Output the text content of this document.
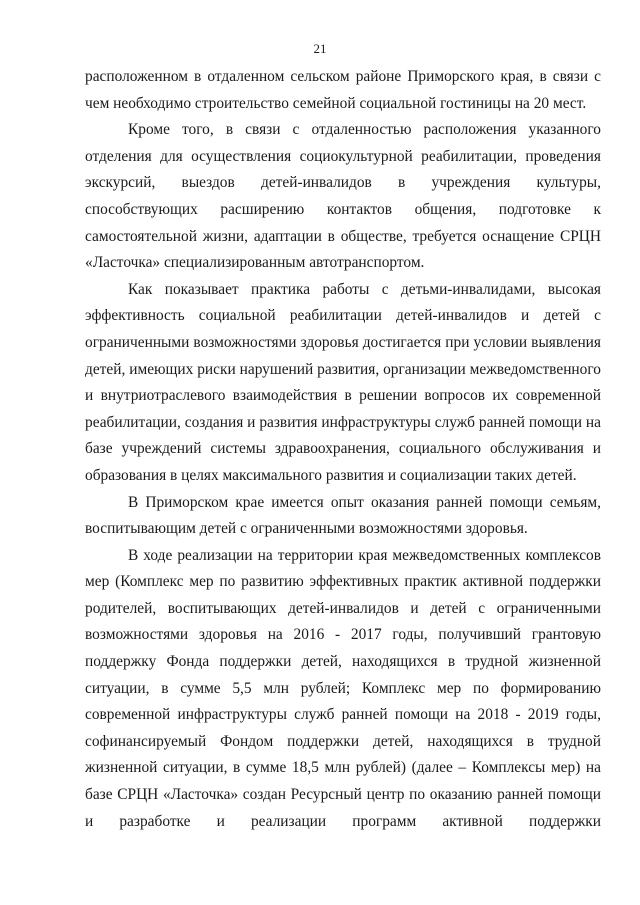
21

расположенном в отдаленном сельском районе Приморского края, в связи с чем необходимо строительство семейной социальной гостиницы на 20 мест.

Кроме того, в связи с отдаленностью расположения указанного отделения для осуществления социокультурной реабилитации, проведения экскурсий, выездов детей-инвалидов в учреждения культуры, способствующих расширению контактов общения, подготовке к самостоятельной жизни, адаптации в обществе, требуется оснащение СРЦН «Ласточка» специализированным автотранспортом.

Как показывает практика работы с детьми-инвалидами, высокая эффективность социальной реабилитации детей-инвалидов и детей с ограниченными возможностями здоровья достигается при условии выявления детей, имеющих риски нарушений развития, организации межведомственного и внутриотраслевого взаимодействия в решении вопросов их современной реабилитации, создания и развития инфраструктуры служб ранней помощи на базе учреждений системы здравоохранения, социального обслуживания и образования в целях максимального развития и социализации таких детей.

В Приморском крае имеется опыт оказания ранней помощи семьям, воспитывающим детей с ограниченными возможностями здоровья.

В ходе реализации на территории края межведомственных комплексов мер (Комплекс мер по развитию эффективных практик активной поддержки родителей, воспитывающих детей-инвалидов и детей с ограниченными возможностями здоровья на 2016 - 2017 годы, получивший грантовую поддержку Фонда поддержки детей, находящихся в трудной жизненной ситуации, в сумме 5,5 млн рублей; Комплекс мер по формированию современной инфраструктуры служб ранней помощи на 2018 - 2019 годы, софинансируемый Фондом поддержки детей, находящихся в трудной жизненной ситуации, в сумме 18,5 млн рублей) (далее – Комплексы мер) на базе СРЦН «Ласточка» создан Ресурсный центр по оказанию ранней помощи и разработке и реализации программ активной поддержки
